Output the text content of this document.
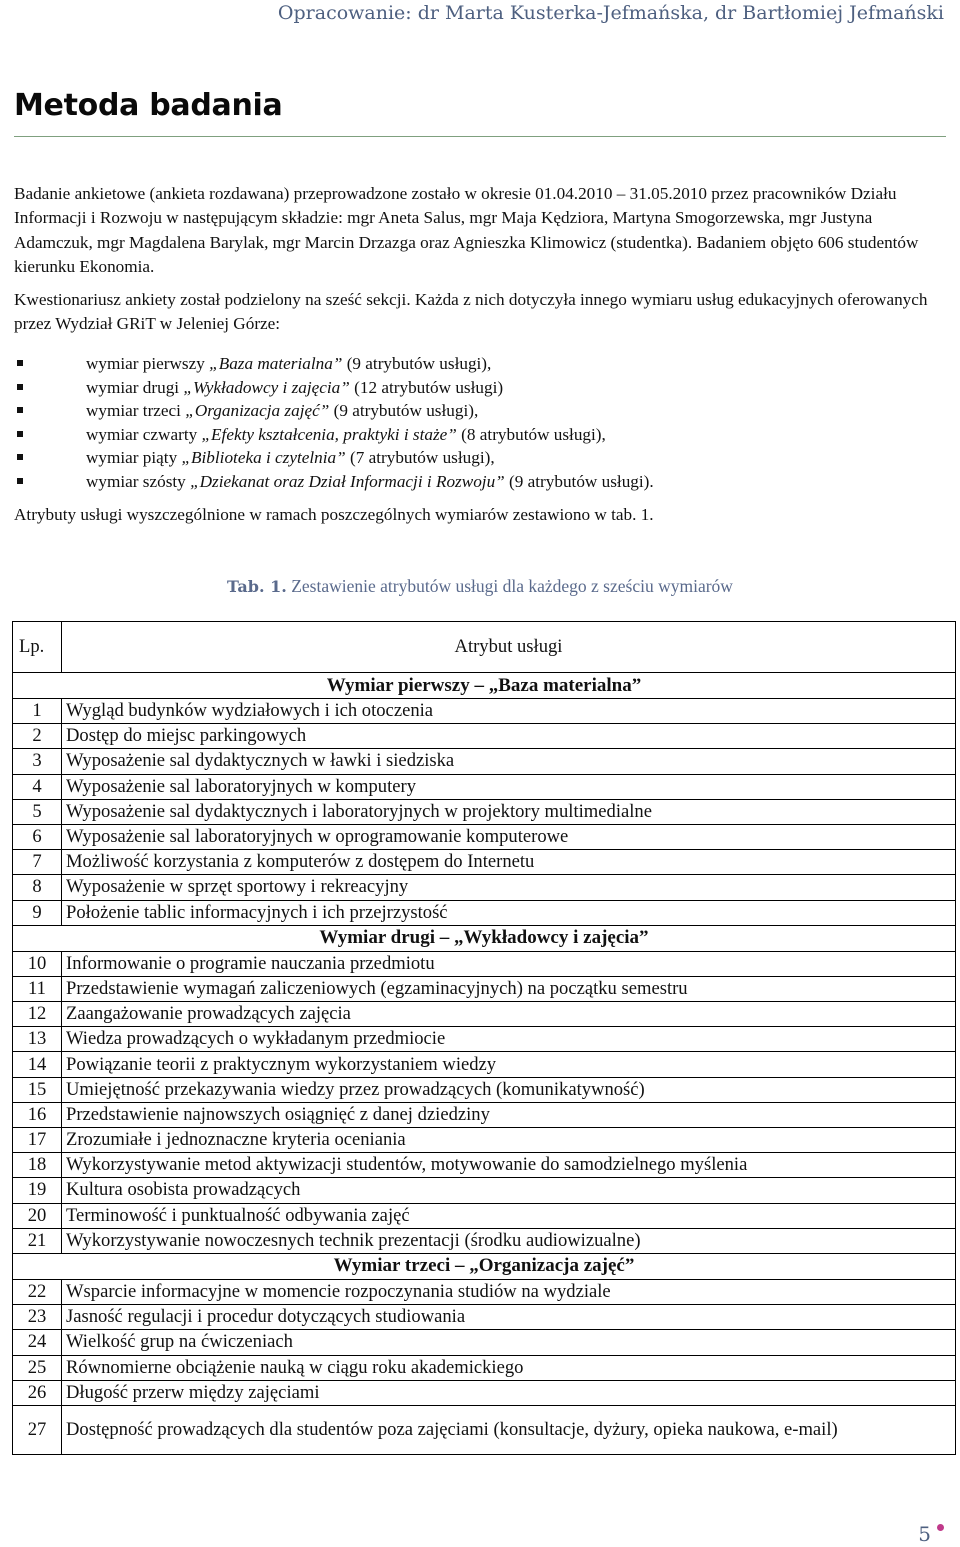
Opracowanie: dr Marta Kusterka-Jefmańska, dr Bartłomiej Jefmański
Metoda badania

Badanie ankietowe (ankieta rozdawana) przeprowadzone zostało w okresie 01.04.2010 – 31.05.2010 przez pracowników Działu Informacji i Rozwoju w następującym składzie: mgr Aneta Salus, mgr Maja Kędziora, Martyna Smogorzewska, mgr Justyna Adamczuk, mgr Magdalena Barylak, mgr Marcin Drzazga oraz Agnieszka Klimowicz (studentka). Badaniem objęto 606 studentów kierunku Ekonomia.

Kwestionariusz ankiety został podzielony na sześć sekcji. Każda z nich dotyczyła innego wymiaru usług edukacyjnych oferowanych przez Wydział GRiT w Jeleniej Górze:

wymiar pierwszy „Baza materialna” (9 atrybutów usługi),
wymiar drugi „Wykładowcy i zajęcia” (12 atrybutów usługi)
wymiar trzeci „Organizacja zajęć” (9 atrybutów usługi),
wymiar czwarty „Efekty kształcenia, praktyki i staże” (8 atrybutów usługi),
wymiar piąty „Biblioteka i czytelnia” (7 atrybutów usługi),
wymiar szósty „Dziekanat oraz Dział Informacji i Rozwoju” (9 atrybutów usługi).

Atrybuty usługi wyszczególnione w ramach poszczególnych wymiarów zestawiono w tab. 1.

Tab. 1. Zestawienie atrybutów usługi dla każdego z sześciu wymiarów
Lp.	Atrybut usługi
Wymiar pierwszy – „Baza materialna”	
1	Wygląd budynków wydziałowych i ich otoczenia
2	Dostęp do miejsc parkingowych
3	Wyposażenie sal dydaktycznych w ławki i siedziska
4	Wyposażenie sal laboratoryjnych w komputery
5	Wyposażenie sal dydaktycznych i laboratoryjnych w projektory multimedialne
6	Wyposażenie sal laboratoryjnych w oprogramowanie komputerowe
7	Możliwość korzystania z komputerów z dostępem do Internetu
8	Wyposażenie w sprzęt sportowy i rekreacyjny
9	Położenie tablic informacyjnych i ich przejrzystość
Wymiar drugi – „Wykładowcy i zajęcia”	
10	Informowanie o programie nauczania przedmiotu
11	Przedstawienie wymagań zaliczeniowych (egzaminacyjnych) na początku semestru
12	Zaangażowanie prowadzących zajęcia
13	Wiedza prowadzących o wykładanym przedmiocie
14	Powiązanie teorii z praktycznym wykorzystaniem wiedzy
15	Umiejętność przekazywania wiedzy przez prowadzących (komunikatywność)
16	Przedstawienie najnowszych osiągnięć z danej dziedziny
17	Zrozumiałe i jednoznaczne kryteria oceniania
18	Wykorzystywanie metod aktywizacji studentów, motywowanie do samodzielnego myślenia
19	Kultura osobista prowadzących
20	Terminowość i punktualność odbywania zajęć
21	Wykorzystywanie nowoczesnych technik prezentacji (środku audiowizualne)
Wymiar trzeci – „Organizacja zajęć”	
22	Wsparcie informacyjne w momencie rozpoczynania studiów na wydziale
23	Jasność regulacji i procedur dotyczących studiowania
24	Wielkość grup na ćwiczeniach
25	Równomierne obciążenie nauką w ciągu roku akademickiego
26	Długość przerw między zajęciami
27	Dostępność prowadzących dla studentów poza zajęciami (konsultacje, dyżury, opieka naukowa, e-mail)
5
